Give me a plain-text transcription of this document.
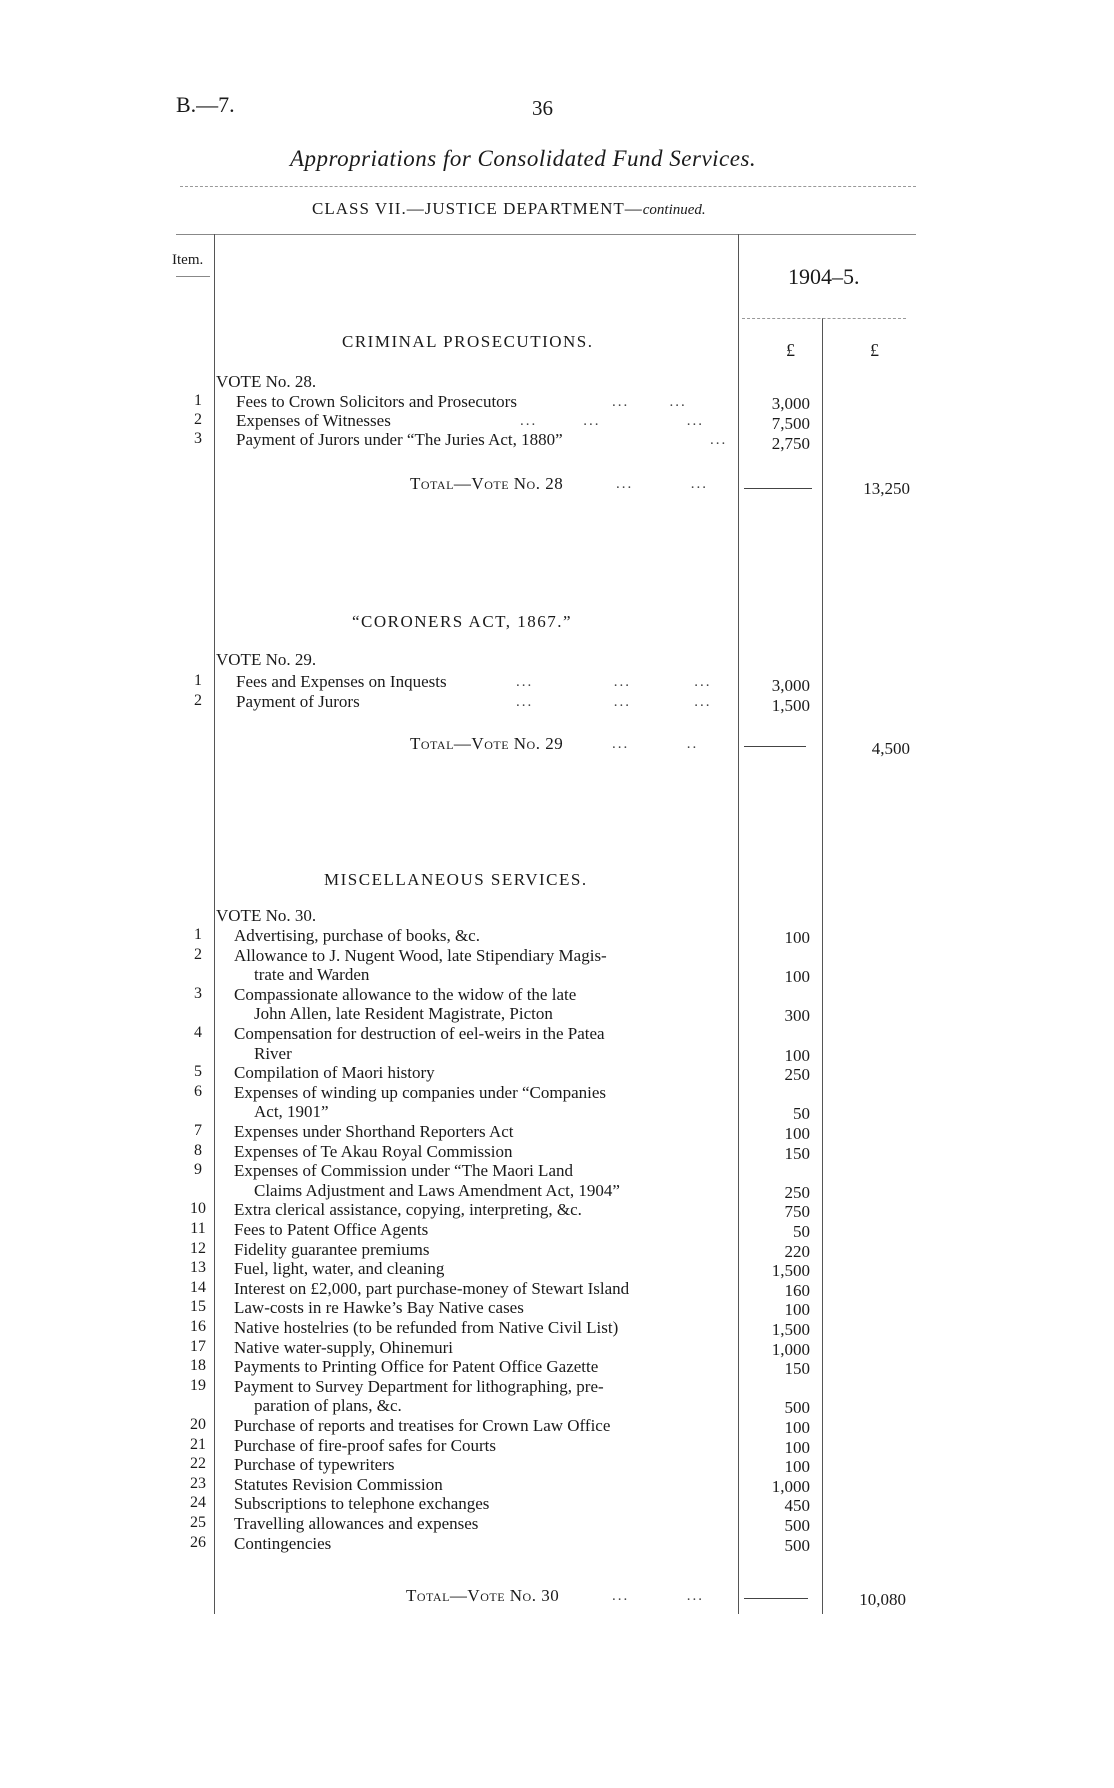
B.—7.	36
Appropriations for Consolidated Fund Services.
CLASS VII.—JUSTICE DEPARTMENT—continued.
Item.
1904–5.
£	£
CRIMINAL PROSECUTIONS.
VOTE No. 28.
1	Fees to Crown Solicitors and Prosecutors	...       ...	3,000
2	Expenses of Witnesses	...        ...               ...	7,500
3	Payment of Jurors under “The Juries Act, 1880”	...	2,750
Total—Vote No. 28	...          ...	13,250
“CORONERS ACT, 1867.”
VOTE No. 29.
1	Fees and Expenses on Inquests	...              ...           ...	3,000
2	Payment of Jurors	...              ...           ...	1,500
Total—Vote No. 29	...          ..	4,500
MISCELLANEOUS SERVICES.
VOTE No. 30.
1	Advertising, purchase of books, &c.	100
2	Allowance to J. Nugent Wood, late Stipendiary Magis-
trate and Warden	100
3	Compassionate allowance to the widow of the late
John Allen, late Resident Magistrate, Picton	300
4	Compensation for destruction of eel-weirs in the Patea
River	100
5	Compilation of Maori history	250
6	Expenses of winding up companies under “Companies
Act, 1901”	50
7	Expenses under Shorthand Reporters Act	100
8	Expenses of Te Akau Royal Commission	150
9	Expenses of Commission under “The Maori Land
Claims Adjustment and Laws Amendment Act, 1904”	250
10	Extra clerical assistance, copying, interpreting, &c.	750
11	Fees to Patent Office Agents	50
12	Fidelity guarantee premiums	220
13	Fuel, light, water, and cleaning	1,500
14	Interest on £2,000, part purchase-money of Stewart Island	160
15	Law-costs in re Hawke’s Bay Native cases	100
16	Native hostelries (to be refunded from Native Civil List)	1,500
17	Native water-supply, Ohinemuri	1,000
18	Payments to Printing Office for Patent Office Gazette	150
19	Payment to Survey Department for lithographing, pre-
paration of plans, &c.	500
20	Purchase of reports and treatises for Crown Law Office	100
21	Purchase of fire-proof safes for Courts	100
22	Purchase of typewriters	100
23	Statutes Revision Commission	1,000
24	Subscriptions to telephone exchanges	450
25	Travelling allowances and expenses	500
26	Contingencies	500
Total—Vote No. 30	...          ...	10,080
